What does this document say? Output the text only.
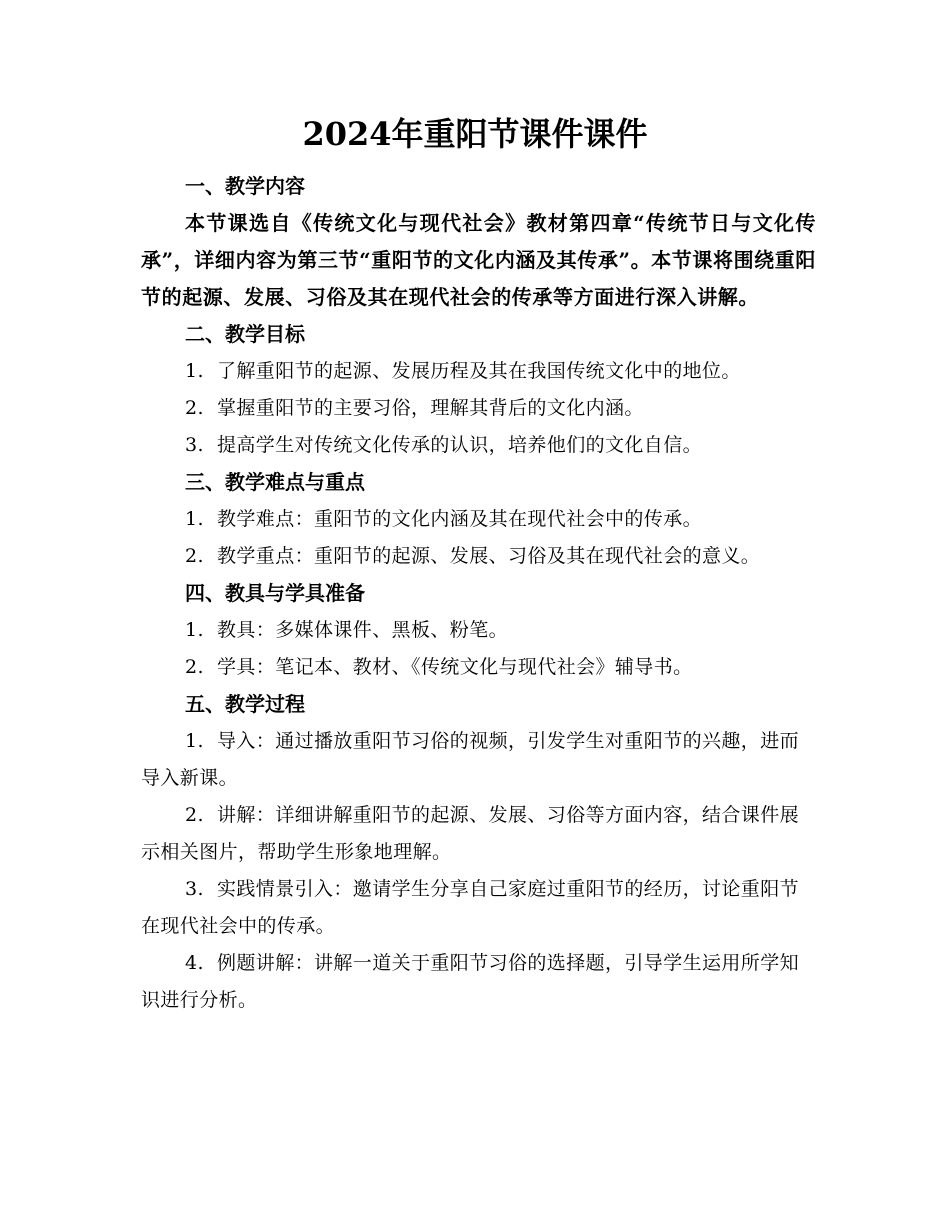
2024年重阳节课件课件

一、教学内容

本节课选自《传统文化与现代社会》教材第四章“传统节日与文化传承”，详细内容为第三节“重阳节的文化内涵及其传承”。本节课将围绕重阳节的起源、发展、习俗及其在现代社会的传承等方面进行深入讲解。

二、教学目标

1. 了解重阳节的起源、发展历程及其在我国传统文化中的地位。

2. 掌握重阳节的主要习俗，理解其背后的文化内涵。

3. 提高学生对传统文化传承的认识，培养他们的文化自信。

三、教学难点与重点

1. 教学难点：重阳节的文化内涵及其在现代社会中的传承。

2. 教学重点：重阳节的起源、发展、习俗及其在现代社会的意义。

四、教具与学具准备

1. 教具：多媒体课件、黑板、粉笔。

2. 学具：笔记本、教材、《传统文化与现代社会》辅导书。

五、教学过程

1. 导入：通过播放重阳节习俗的视频，引发学生对重阳节的兴趣，进而导入新课。

2. 讲解：详细讲解重阳节的起源、发展、习俗等方面内容，结合课件展示相关图片，帮助学生形象地理解。

3. 实践情景引入：邀请学生分享自己家庭过重阳节的经历，讨论重阳节在现代社会中的传承。

4. 例题讲解：讲解一道关于重阳节习俗的选择题，引导学生运用所学知识进行分析。
